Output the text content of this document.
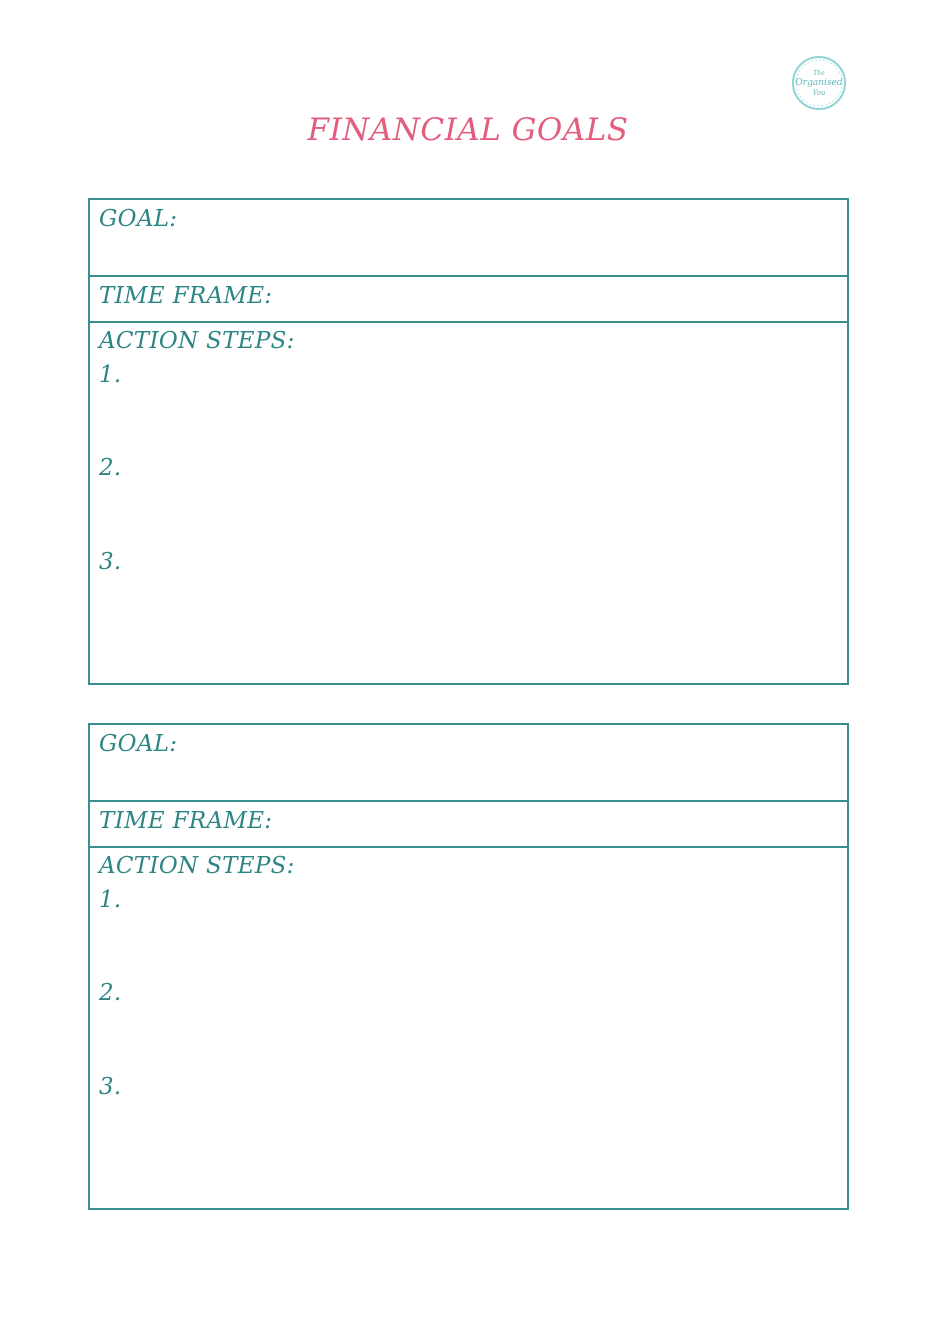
The
Organised
You
FINANCIAL GOALS
GOAL:
TIME FRAME:
ACTION STEPS:
1.
2.
3.
GOAL:
TIME FRAME:
ACTION STEPS:
1.
2.
3.
